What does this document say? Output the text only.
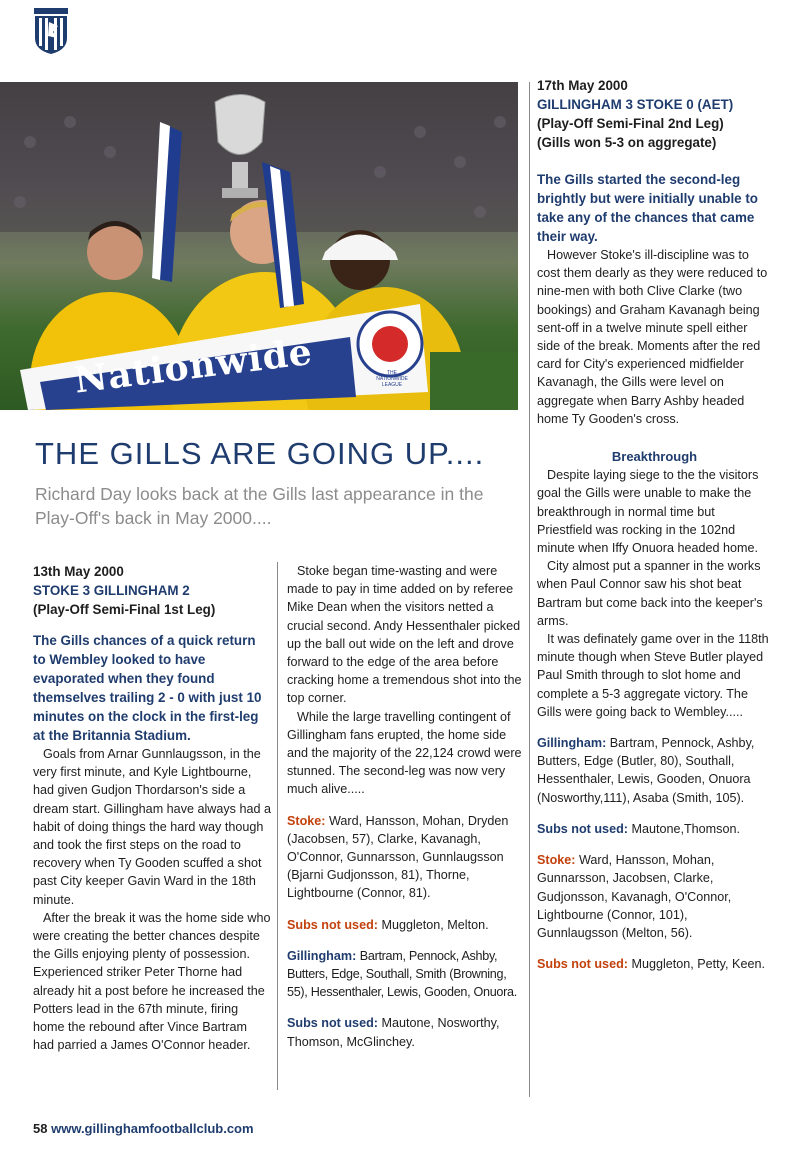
Nationwide	THE NATIONWIDE LEAGUE
THE GILLS ARE GOING UP....

Richard Day looks back at the Gills last appearance in the Play-Off's back in May 2000....

13th May 2000

STOKE 3 GILLINGHAM 2

(Play-Off Semi-Final 1st Leg)

The Gills chances of a quick return to Wembley looked to have evaporated when they found themselves trailing 2 - 0 with just 10 minutes on the clock in the first-leg at the Britannia Stadium.

Goals from Arnar Gunnlaugsson, in the very first minute, and Kyle Lightbourne, had given Gudjon Thordarson's side a dream start. Gillingham have always had a habit of doing things the hard way though and took the first steps on the road to recovery when Ty Gooden scuffed a shot past City keeper Gavin Ward in the 18th minute.

After the break it was the home side who were creating the better chances despite the Gills enjoying plenty of possession. Experienced striker Peter Thorne had already hit a post before he increased the Potters lead in the 67th minute, firing home the rebound after Vince Bartram had parried a James O'Connor header.

Stoke began time-wasting and were made to pay in time added on by referee Mike Dean when the visitors netted a crucial second. Andy Hessenthaler picked up the ball out wide on the left and drove forward to the edge of the area before cracking home a tremendous shot into the top corner.

While the large travelling contingent of Gillingham fans erupted, the home side and the majority of the 22,124 crowd were stunned. The second-leg was now very much alive.....

Stoke: Ward, Hansson, Mohan, Dryden (Jacobsen, 57), Clarke, Kavanagh, O'Connor, Gunnarsson, Gunnlaugsson (Bjarni Gudjonsson, 81), Thorne, Lightbourne (Connor, 81).

Subs not used: Muggleton, Melton.

Gillingham: Bartram, Pennock, Ashby, Butters, Edge, Southall, Smith (Browning, 55), Hessenthaler, Lewis, Gooden, Onuora.

Subs not used: Mautone, Nosworthy, Thomson, McGlinchey.

17th May 2000

GILLINGHAM 3 STOKE 0 (AET)

(Play-Off Semi-Final 2nd Leg)

(Gills won 5-3 on aggregate)

The Gills started the second-leg brightly but were initially unable to take any of the chances that came their way.

However Stoke's ill-discipline was to cost them dearly as they were reduced to nine-men with both Clive Clarke (two bookings) and Graham Kavanagh being sent-off in a twelve minute spell either side of the break. Moments after the red card for City's experienced midfielder Kavanagh, the Gills were level on aggregate when Barry Ashby headed home Ty Gooden's cross.

Breakthrough

Despite laying siege to the the visitors goal the Gills were unable to make the breakthrough in normal time but Priestfield was rocking in the 102nd minute when Iffy Onuora headed home.

City almost put a spanner in the works when Paul Connor saw his shot beat Bartram but come back into the keeper's arms.

It was definately game over in the 118th minute though when Steve Butler played Paul Smith through to slot home and complete a 5-3 aggregate victory. The Gills were going back to Wembley.....

Gillingham: Bartram, Pennock, Ashby, Butters, Edge (Butler, 80), Southall, Hessenthaler, Lewis, Gooden, Onuora (Nosworthy,111), Asaba (Smith, 105).

Subs not used: Mautone,Thomson.

Stoke: Ward, Hansson, Mohan, Gunnarsson, Jacobsen, Clarke, Gudjonsson, Kavanagh, O'Connor, Lightbourne (Connor, 101), Gunnlaugsson (Melton, 56).

Subs not used: Muggleton, Petty, Keen.

58 www.gillinghamfootballclub.com
